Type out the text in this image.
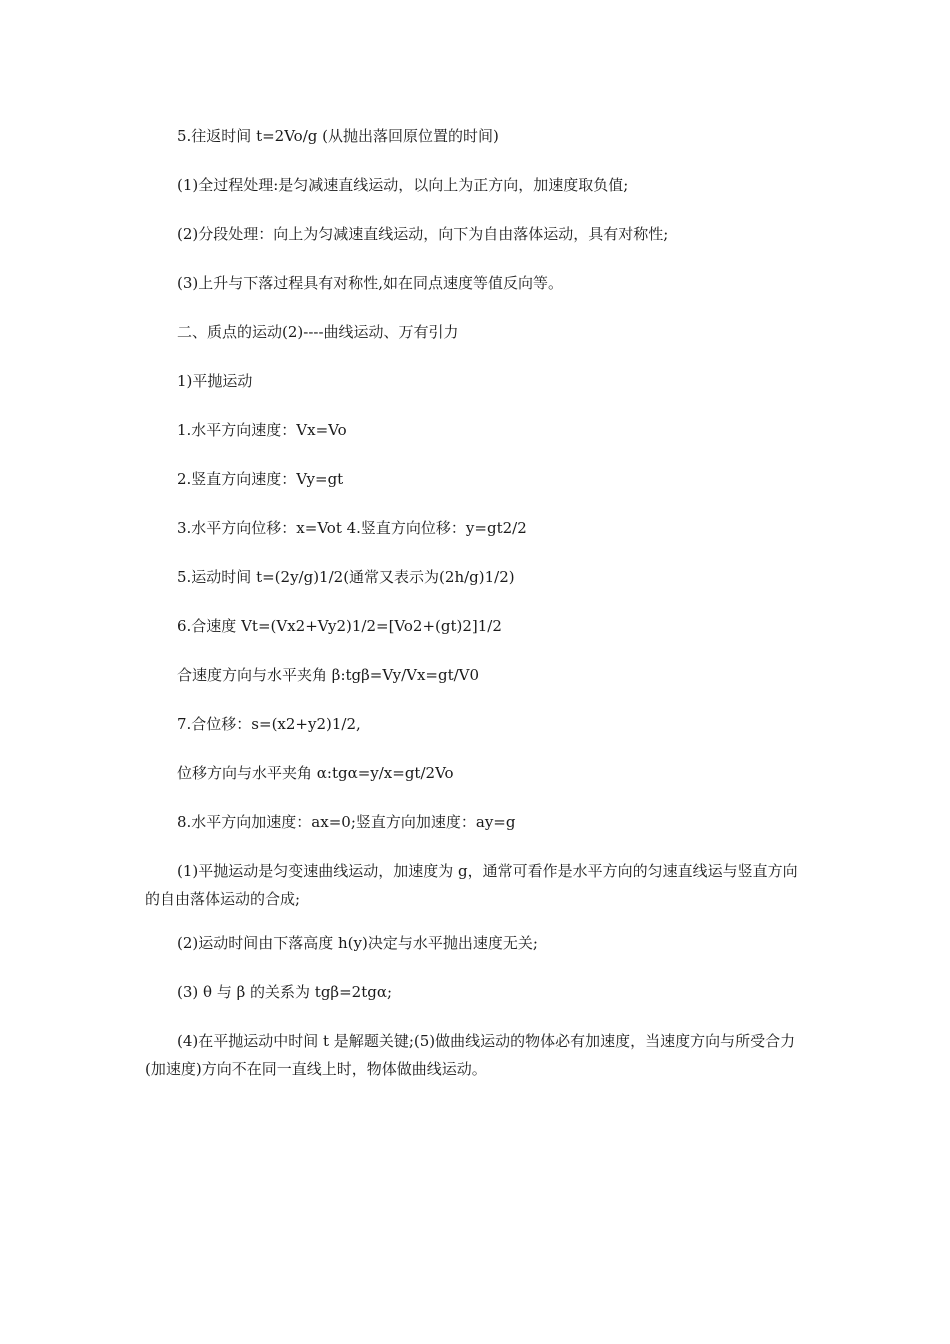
5.往返时间 t=2Vo/g (从抛出落回原位置的时间)

(1)全过程处理:是匀减速直线运动，以向上为正方向，加速度取负值;

(2)分段处理：向上为匀减速直线运动，向下为自由落体运动，具有对称性;

(3)上升与下落过程具有对称性,如在同点速度等值反向等。

二、质点的运动(2)----曲线运动、万有引力

1)平抛运动

1.水平方向速度：Vx=Vo

2.竖直方向速度：Vy=gt

3.水平方向位移：x=Vot 4.竖直方向位移：y=gt2/2

5.运动时间 t=(2y/g)1/2(通常又表示为(2h/g)1/2)

6.合速度 Vt=(Vx2+Vy2)1/2=[Vo2+(gt)2]1/2

合速度方向与水平夹角 β:tgβ=Vy/Vx=gt/V0

7.合位移：s=(x2+y2)1/2,

位移方向与水平夹角 α:tgα=y/x=gt/2Vo

8.水平方向加速度：ax=0;竖直方向加速度：ay=g

(1)平抛运动是匀变速曲线运动，加速度为 g，通常可看作是水平方向的匀速直线运与竖直方向的自由落体运动的合成;

(2)运动时间由下落高度 h(y)决定与水平抛出速度无关;

(3) θ 与 β 的关系为 tgβ=2tgα;

(4)在平抛运动中时间 t 是解题关键;(5)做曲线运动的物体必有加速度，当速度方向与所受合力(加速度)方向不在同一直线上时，物体做曲线运动。
